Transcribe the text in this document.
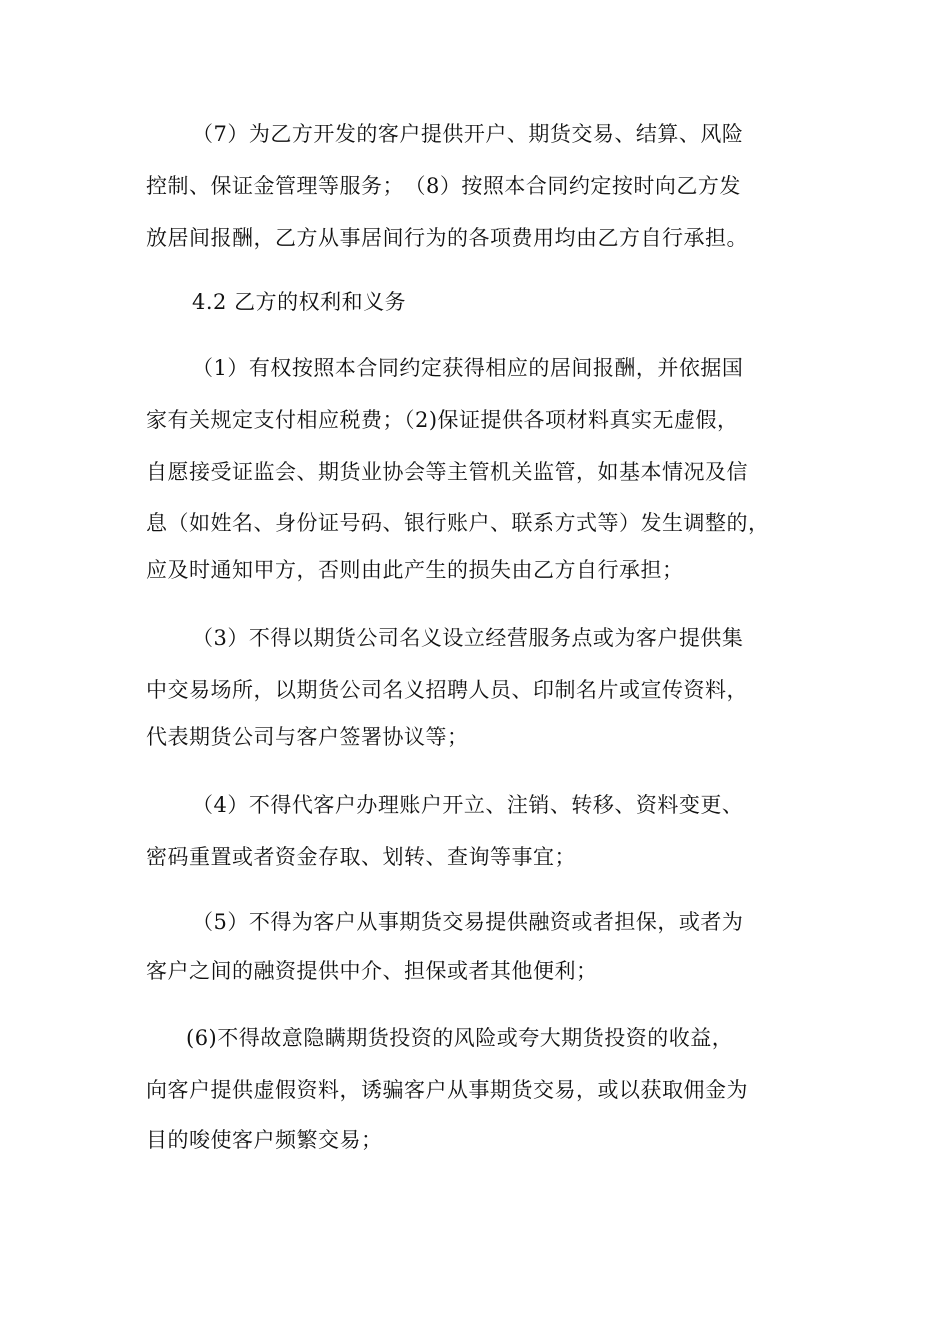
（7）为乙方开发的客户提供开户、期货交易、结算、风险
控制、保证金管理等服务；　（8）按照本合同约定按时向乙方发
放居间报酬，乙方从事居间行为的各项费用均由乙方自行承担。
4.2 乙方的权利和义务
（1）有权按照本合同约定获得相应的居间报酬，并依据国
家有关规定支付相应税费；（2)保证提供各项材料真实无虚假，
自愿接受证监会、期货业协会等主管机关监管，如基本情况及信
息（如姓名、身份证号码、银行账户、联系方式等）发生调整的，
应及时通知甲方，否则由此产生的损失由乙方自行承担；
（3）不得以期货公司名义设立经营服务点或为客户提供集
中交易场所，以期货公司名义招聘人员、印制名片或宣传资料，
代表期货公司与客户签署协议等；
（4）不得代客户办理账户开立、注销、转移、资料变更、
密码重置或者资金存取、划转、查询等事宜；
（5）不得为客户从事期货交易提供融资或者担保，或者为
客户之间的融资提供中介、担保或者其他便利；
(6)不得故意隐瞒期货投资的风险或夸大期货投资的收益，
向客户提供虚假资料，诱骗客户从事期货交易，或以获取佣金为
目的唆使客户频繁交易；
